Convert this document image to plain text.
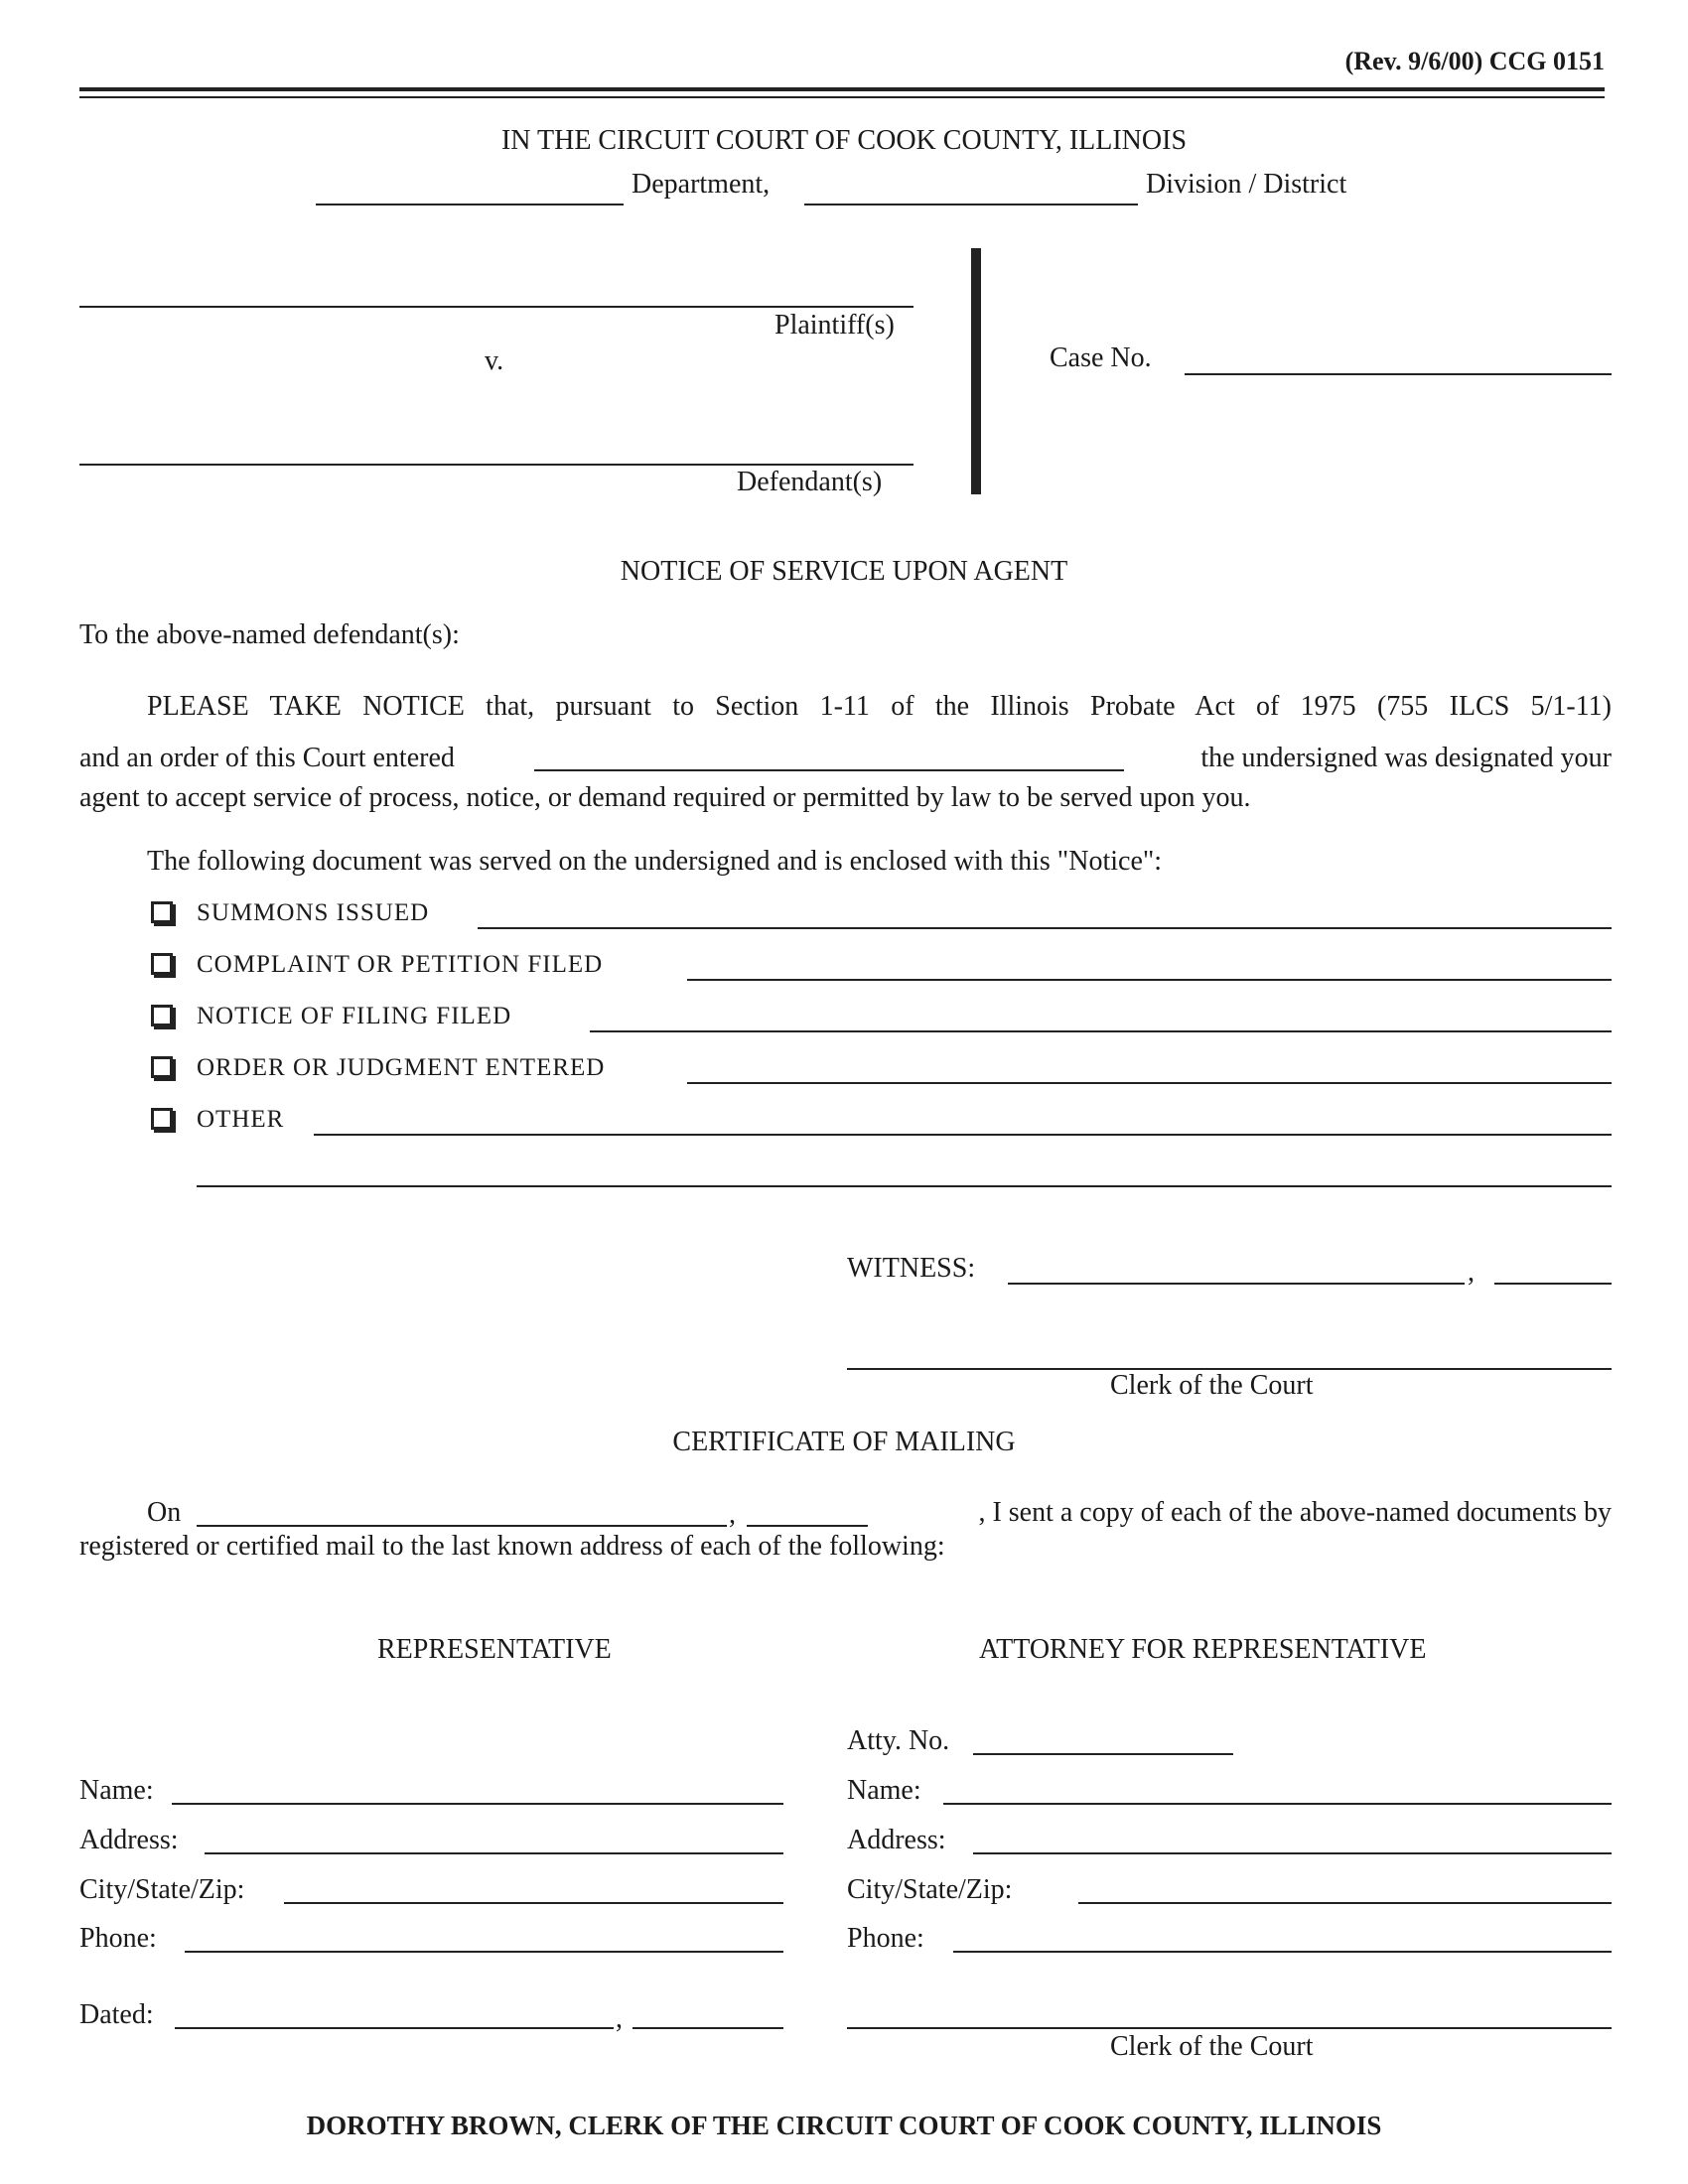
(Rev. 9/6/00) CCG 0151
IN THE CIRCUIT COURT OF COOK COUNTY, ILLINOIS
Department,	Division / District
Plaintiff(s)
v.
Defendant(s)
Case No.
NOTICE OF SERVICE UPON AGENT
To the above-named defendant(s):
PLEASE TAKE NOTICE that, pursuant to Section 1-11 of the Illinois Probate Act of 1975 (755 ILCS 5/1-11)
and an order of this Court entered	the undersigned was designated your
agent to accept service of process, notice, or demand required or permitted by law to be served upon you.
The following document was served on the undersigned and is enclosed with this "Notice":
SUMMONS ISSUED
COMPLAINT OR PETITION FILED
NOTICE OF FILING FILED
ORDER OR JUDGMENT ENTERED
OTHER
WITNESS:	,
Clerk of the Court
CERTIFICATE OF MAILING
On	,	, I sent a copy of each of the above-named documents by
registered or certified mail to the last known address of each of the following:
REPRESENTATIVE
Name:
Address:
City/State/Zip:
Phone:
Dated:	,
ATTORNEY FOR REPRESENTATIVE
Atty. No.
Name:
Address:
City/State/Zip:
Phone:
Clerk of the Court
DOROTHY BROWN, CLERK OF THE CIRCUIT COURT OF COOK COUNTY, ILLINOIS
